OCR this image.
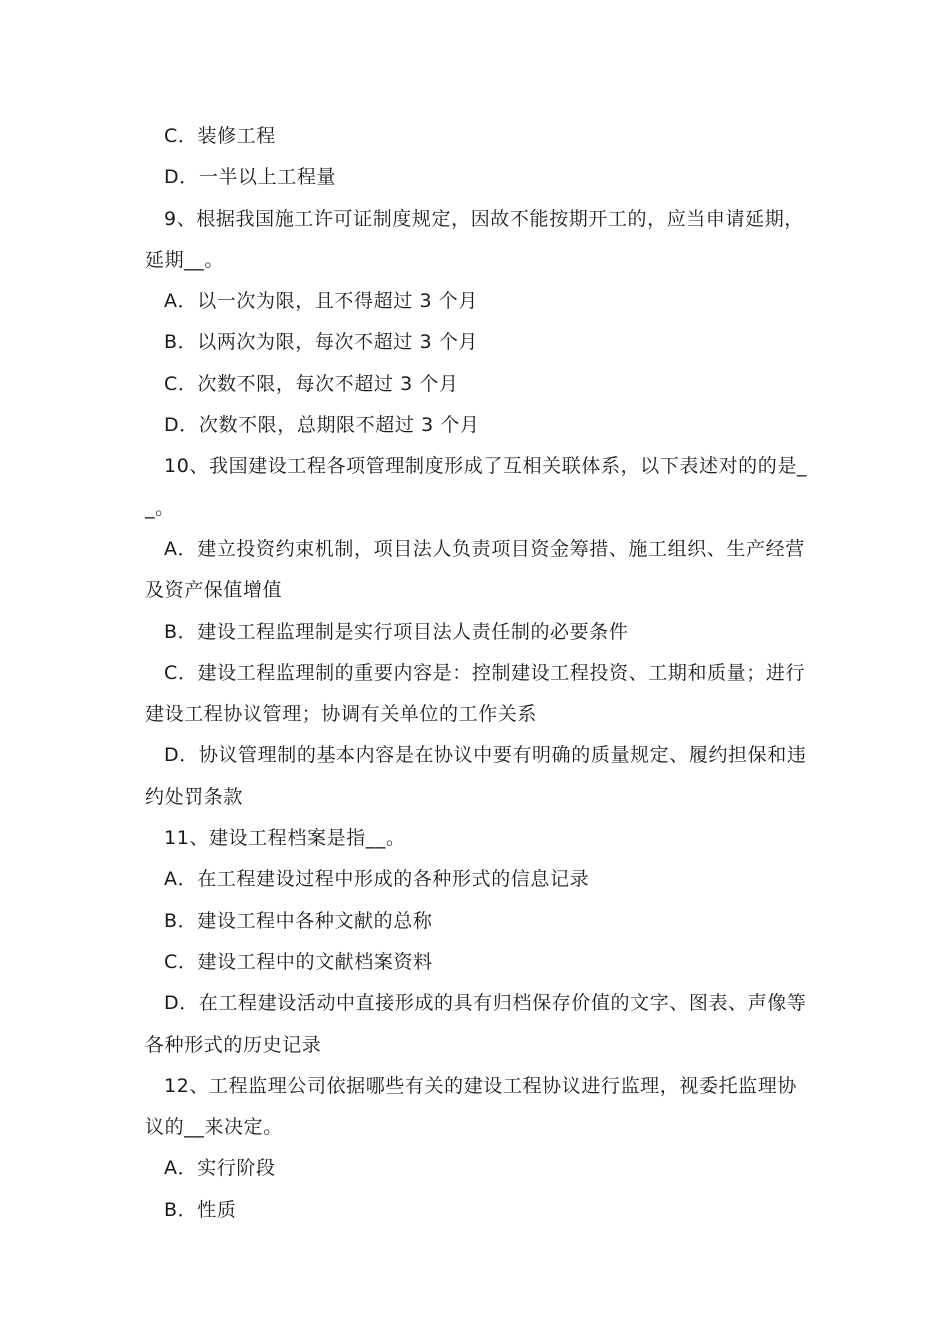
C．装修工程

D．一半以上工程量

9、根据我国施工许可证制度规定，因故不能按期开工的，应当申请延期，延期__。

A．以一次为限，且不得超过 3 个月

B．以两次为限，每次不超过 3 个月

C．次数不限，每次不超过 3 个月

D．次数不限，总期限不超过 3 个月

10、我国建设工程各项管理制度形成了互相关联体系，以下表述对的的是__。

A．建立投资约束机制，项目法人负责项目资金筹措、施工组织、生产经营及资产保值增值

B．建设工程监理制是实行项目法人责任制的必要条件

C．建设工程监理制的重要内容是：控制建设工程投资、工期和质量；进行建设工程协议管理；协调有关单位的工作关系

D．协议管理制的基本内容是在协议中要有明确的质量规定、履约担保和违约处罚条款

11、建设工程档案是指__。

A．在工程建设过程中形成的各种形式的信息记录

B．建设工程中各种文献的总称

C．建设工程中的文献档案资料

D．在工程建设活动中直接形成的具有归档保存价值的文字、图表、声像等各种形式的历史记录

12、工程监理公司依据哪些有关的建设工程协议进行监理，视委托监理协议的__来决定。

A．实行阶段

B．性质
